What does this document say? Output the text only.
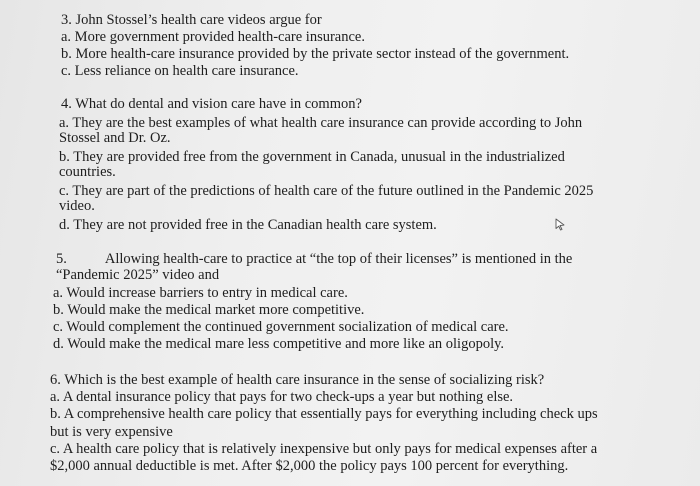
3. John Stossel’s health care videos argue for
a. More government provided health-care insurance.
b. More health-care insurance provided by the private sector instead of the government.
c. Less reliance on health care insurance.
4. What do dental and vision care have in common?
a. They are the best examples of what health care insurance can provide according to John
Stossel and Dr. Oz.
b. They are provided free from the government in Canada, unusual in the industrialized
countries.
c. They are part of the predictions of health care of the future outlined in the Pandemic 2025
video.
d. They are not provided free in the Canadian health care system.
5.	Allowing health-care to practice at “the top of their licenses” is mentioned in the
“Pandemic 2025” video and
a. Would increase barriers to entry in medical care.
b. Would make the medical market more competitive.
c. Would complement the continued government socialization of medical care.
d. Would make the medical mare less competitive and more like an oligopoly.
6. Which is the best example of health care insurance in the sense of socializing risk?
a. A dental insurance policy that pays for two check-ups a year but nothing else.
b. A comprehensive health care policy that essentially pays for everything including check ups
but is very expensive
c. A health care policy that is relatively inexpensive but only pays for medical expenses after a
$2,000 annual deductible is met. After $2,000 the policy pays 100 percent for everything.
